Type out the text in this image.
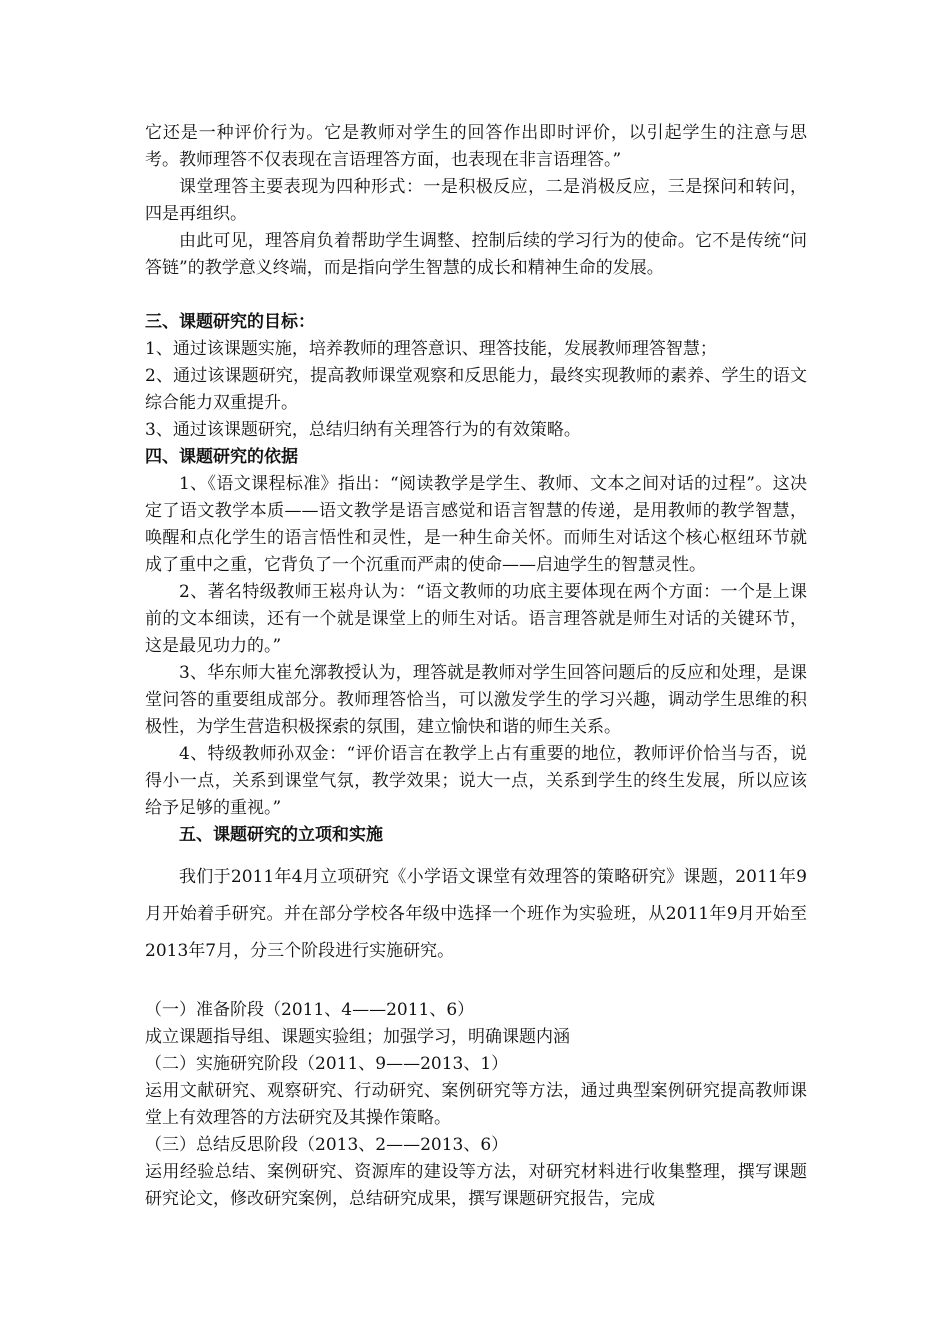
它还是一种评价行为。它是教师对学生的回答作出即时评价，以引起学生的注意与思考。教师理答不仅表现在言语理答方面，也表现在非言语理答。”

课堂理答主要表现为四种形式：一是积极反应，二是消极反应，三是探问和转问，四是再组织。

由此可见，理答肩负着帮助学生调整、控制后续的学习行为的使命。它不是传统“问答链”的教学意义终端，而是指向学生智慧的成长和精神生命的发展。

三、课题研究的目标：

1、通过该课题实施，培养教师的理答意识、理答技能，发展教师理答智慧；

2、通过该课题研究，提高教师课堂观察和反思能力，最终实现教师的素养、学生的语文综合能力双重提升。

3、通过该课题研究，总结归纳有关理答行为的有效策略。

四、课题研究的依据

1、《语文课程标准》指出：“阅读教学是学生、教师、文本之间对话的过程”。这决定了语文教学本质——语文教学是语言感觉和语言智慧的传递，是用教师的教学智慧，唤醒和点化学生的语言悟性和灵性，是一种生命关怀。而师生对话这个核心枢纽环节就成了重中之重，它背负了一个沉重而严肃的使命——启迪学生的智慧灵性。

2、著名特级教师王崧舟认为：“语文教师的功底主要体现在两个方面：一个是上课前的文本细读，还有一个就是课堂上的师生对话。语言理答就是师生对话的关键环节，这是最见功力的。”

3、华东师大崔允漷教授认为，理答就是教师对学生回答问题后的反应和处理，是课堂问答的重要组成部分。教师理答恰当，可以激发学生的学习兴趣，调动学生思维的积极性，为学生营造积极探索的氛围，建立愉快和谐的师生关系。

4、特级教师孙双金：“评价语言在教学上占有重要的地位，教师评价恰当与否，说得小一点，关系到课堂气氛，教学效果；说大一点，关系到学生的终生发展，所以应该给予足够的重视。”

五、课题研究的立项和实施

我们于2011年4月立项研究《小学语文课堂有效理答的策略研究》课题，2011年9月开始着手研究。并在部分学校各年级中选择一个班作为实验班，从2011年9月开始至2013年7月，分三个阶段进行实施研究。

（一）准备阶段（2011、4——2011、6）

成立课题指导组、课题实验组；加强学习，明确课题内涵

（二）实施研究阶段（2011、9——2013、1）

运用文献研究、观察研究、行动研究、案例研究等方法，通过典型案例研究提高教师课堂上有效理答的方法研究及其操作策略。

（三）总结反思阶段（2013、2——2013、6）

运用经验总结、案例研究、资源库的建设等方法，对研究材料进行收集整理，撰写课题研究论文，修改研究案例，总结研究成果，撰写课题研究报告，完成
